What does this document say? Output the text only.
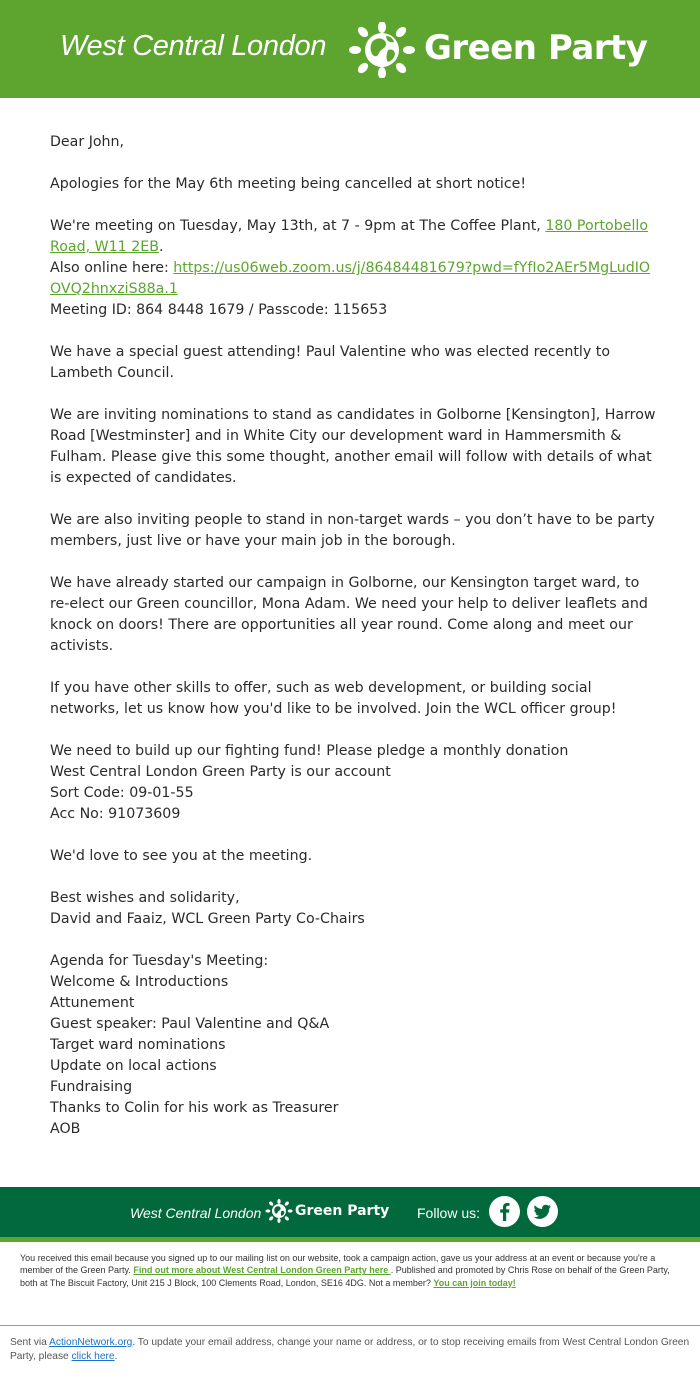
West Central London	Green Party

Dear John,

Apologies for the May 6th meeting being cancelled at short notice!

We're meeting on Tuesday, May 13th, at 7 - 9pm at The Coffee Plant, 180 Portobello Road, W11 2EB.
Also online here: https://us06web.zoom.us/j/86484481679?pwd=fYfIo2AEr5MgLudIOOVQ2hnxziS88a.1
Meeting ID: 864 8448 1679 / Passcode: 115653

We have a special guest attending! Paul Valentine who was elected recently to Lambeth Council.

We are inviting nominations to stand as candidates in Golborne [Kensington], Harrow Road [Westminster] and in White City our development ward in Hammersmith & Fulham. Please give this some thought, another email will follow with details of what is expected of candidates.

We are also inviting people to stand in non-target wards – you don’t have to be party members, just live or have your main job in the borough.

We have already started our campaign in Golborne, our Kensington target ward, to re-elect our Green councillor, Mona Adam. We need your help to deliver leaflets and knock on doors! There are opportunities all year round. Come along and meet our activists.

If you have other skills to offer, such as web development, or building social networks, let us know how you'd like to be involved. Join the WCL officer group!

We need to build up our fighting fund! Please pledge a monthly donation
West Central London Green Party is our account
Sort Code: 09-01-55
Acc No: 91073609

We'd love to see you at the meeting.

Best wishes and solidarity,
David and Faaiz, WCL Green Party Co-Chairs

Agenda for Tuesday's Meeting:
Welcome & Introductions
Attunement
Guest speaker: Paul Valentine and Q&A
Target ward nominations
Update on local actions
Fundraising
Thanks to Colin for his work as Treasurer
AOB

West Central London Green Party Follow us:
You received this email because you signed up to our mailing list on our website, took a campaign action, gave us your address at an event or because you're a member of the Green Party. Find out more about West Central London Green Party here . Published and promoted by Chris Rose on behalf of the Green Party, both at The Biscuit Factory, Unit 215 J Block, 100 Clements Road, London, SE16 4DG. Not a member? You can join today!
Sent via ActionNetwork.org. To update your email address, change your name or address, or to stop receiving emails from West Central London Green Party, please click here.
